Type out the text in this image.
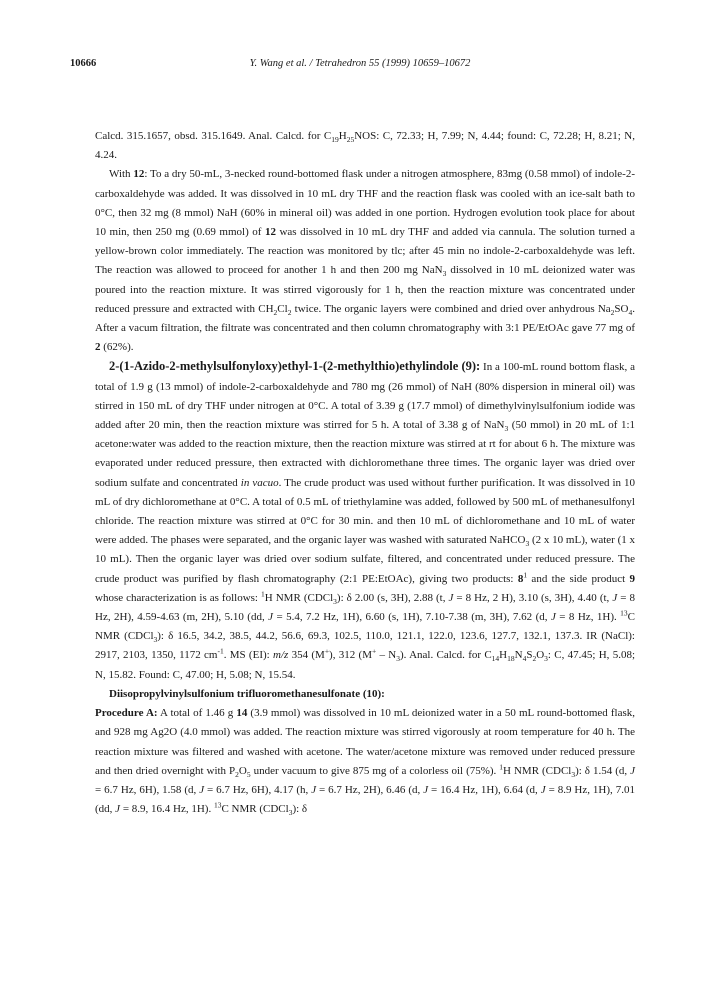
10666	Y. Wang et al. / Tetrahedron 55 (1999) 10659–10672

Calcd. 315.1657, obsd. 315.1649. Anal. Calcd. for $C_{19}H_{25}NOS$: C, 72.33; H, 7.99; N, 4.44; found: C, 72.28; H, 8.21; N, 4.24.

With 12: To a dry 50-mL, 3-necked round-bottomed flask under a nitrogen atmosphere, 83mg (0.58 mmol) of indole-2-carboxaldehyde was added. It was dissolved in 10 mL dry THF and the reaction flask was cooled with an ice-salt bath to 0°C, then 32 mg (8 mmol) NaH (60% in mineral oil) was added in one portion. Hydrogen evolution took place for about 10 min, then 250 mg (0.69 mmol) of 12 was dissolved in 10 mL dry THF and added via cannula. The solution turned a yellow-brown color immediately. The reaction was monitored by tlc; after 45 min no indole-2-carboxaldehyde was left. The reaction was allowed to proceed for another 1 h and then 200 mg NaN$_3$ dissolved in 10 mL deionized water was poured into the reaction mixture. It was stirred vigorously for 1 h, then the reaction mixture was concentrated under reduced pressure and extracted with $CH_2Cl_2$ twice. The organic layers were combined and dried over anhydrous $Na_2SO_4$. After a vacum filtration, the filtrate was concentrated and then column chromatography with 3:1 PE/EtOAc gave 77 mg of 2 (62%).

2-(1-Azido-2-methylsulfonyloxy)ethyl-1-(2-methylthio)ethylindole (9): In a 100-mL round bottom flask, a total of 1.9 g (13 mmol) of indole-2-carboxaldehyde and 780 mg (26 mmol) of NaH (80% dispersion in mineral oil) was stirred in 150 mL of dry THF under nitrogen at 0°C. A total of 3.39 g (17.7 mmol) of dimethylvinylsulfonium iodide was added after 20 min, then the reaction mixture was stirred for 5 h. A total of 3.38 g of NaN$_3$ (50 mmol) in 20 mL of 1:1 acetone:water was added to the reaction mixture, then the reaction mixture was stirred at rt for about 6 h. The mixture was evaporated under reduced pressure, then extracted with dichloromethane three times. The organic layer was dried over sodium sulfate and concentrated in vacuo. The crude product was used without further purification. It was dissolved in 10 mL of dry dichloromethane at 0°C. A total of 0.5 mL of triethylamine was added, followed by 500 mL of methanesulfonyl chloride. The reaction mixture was stirred at 0°C for 30 min. and then 10 mL of dichloromethane and 10 mL of water were added. The phases were separated, and the organic layer was washed with saturated NaHCO$_3$ (2 x 10 mL), water (1 x 10 mL). Then the organic layer was dried over sodium sulfate, filtered, and concentrated under reduced pressure. The crude product was purified by flash chromatography (2:1 PE:EtOAc), giving two products: $8^1$ and the side product 9 whose characterization is as follows: $^1$H NMR (CDCl$_3$): δ 2.00 (s, 3H), 2.88 (t, J = 8 Hz, 2 H), 3.10 (s, 3H), 4.40 (t, J = 8 Hz, 2H), 4.59-4.63 (m, 2H), 5.10 (dd, J = 5.4, 7.2 Hz, 1H), 6.60 (s, 1H), 7.10-7.38 (m, 3H), 7.62 (d, J = 8 Hz, 1H). $^{13}$C NMR (CDCl$_3$): δ 16.5, 34.2, 38.5, 44.2, 56.6, 69.3, 102.5, 110.0, 121.1, 122.0, 123.6, 127.7, 132.1, 137.3. IR (NaCl): 2917, 2103, 1350, 1172 $cm^{-1}$. MS (EI): m/z 354 (M+), 312 $(M^+ - N_3)$. Anal. Calcd. for $C_{14}H_{18}N_4S_2O_3$: C, 47.45; H, 5.08; N, 15.82. Found: C, 47.00; H, 5.08; N, 15.54.

Diisopropylvinylsulfonium trifluoromethanesulfonate (10):

Procedure A: A total of 1.46 g 14 (3.9 mmol) was dissolved in 10 mL deionized water in a 50 mL round-bottomed flask, and 928 mg Ag2O (4.0 mmol) was added. The reaction mixture was stirred vigorously at room temperature for 40 h. The reaction mixture was filtered and washed with acetone. The water/acetone mixture was removed under reduced pressure and then dried overnight with $P_2O_5$ under vacuum to give 875 mg of a colorless oil (75%). $^1$H NMR (CDCl$_3$): δ 1.54 (d, J = 6.7 Hz, 6H), 1.58 (d, J = 6.7 Hz, 6H), 4.17 (h, J = 6.7 Hz, 2H), 6.46 (d, J = 16.4 Hz, 1H), 6.64 (d, J = 8.9 Hz, 1H), 7.01 (dd, J = 8.9, 16.4 Hz, 1H). $^{13}$C NMR (CDCl$_3$): δ
